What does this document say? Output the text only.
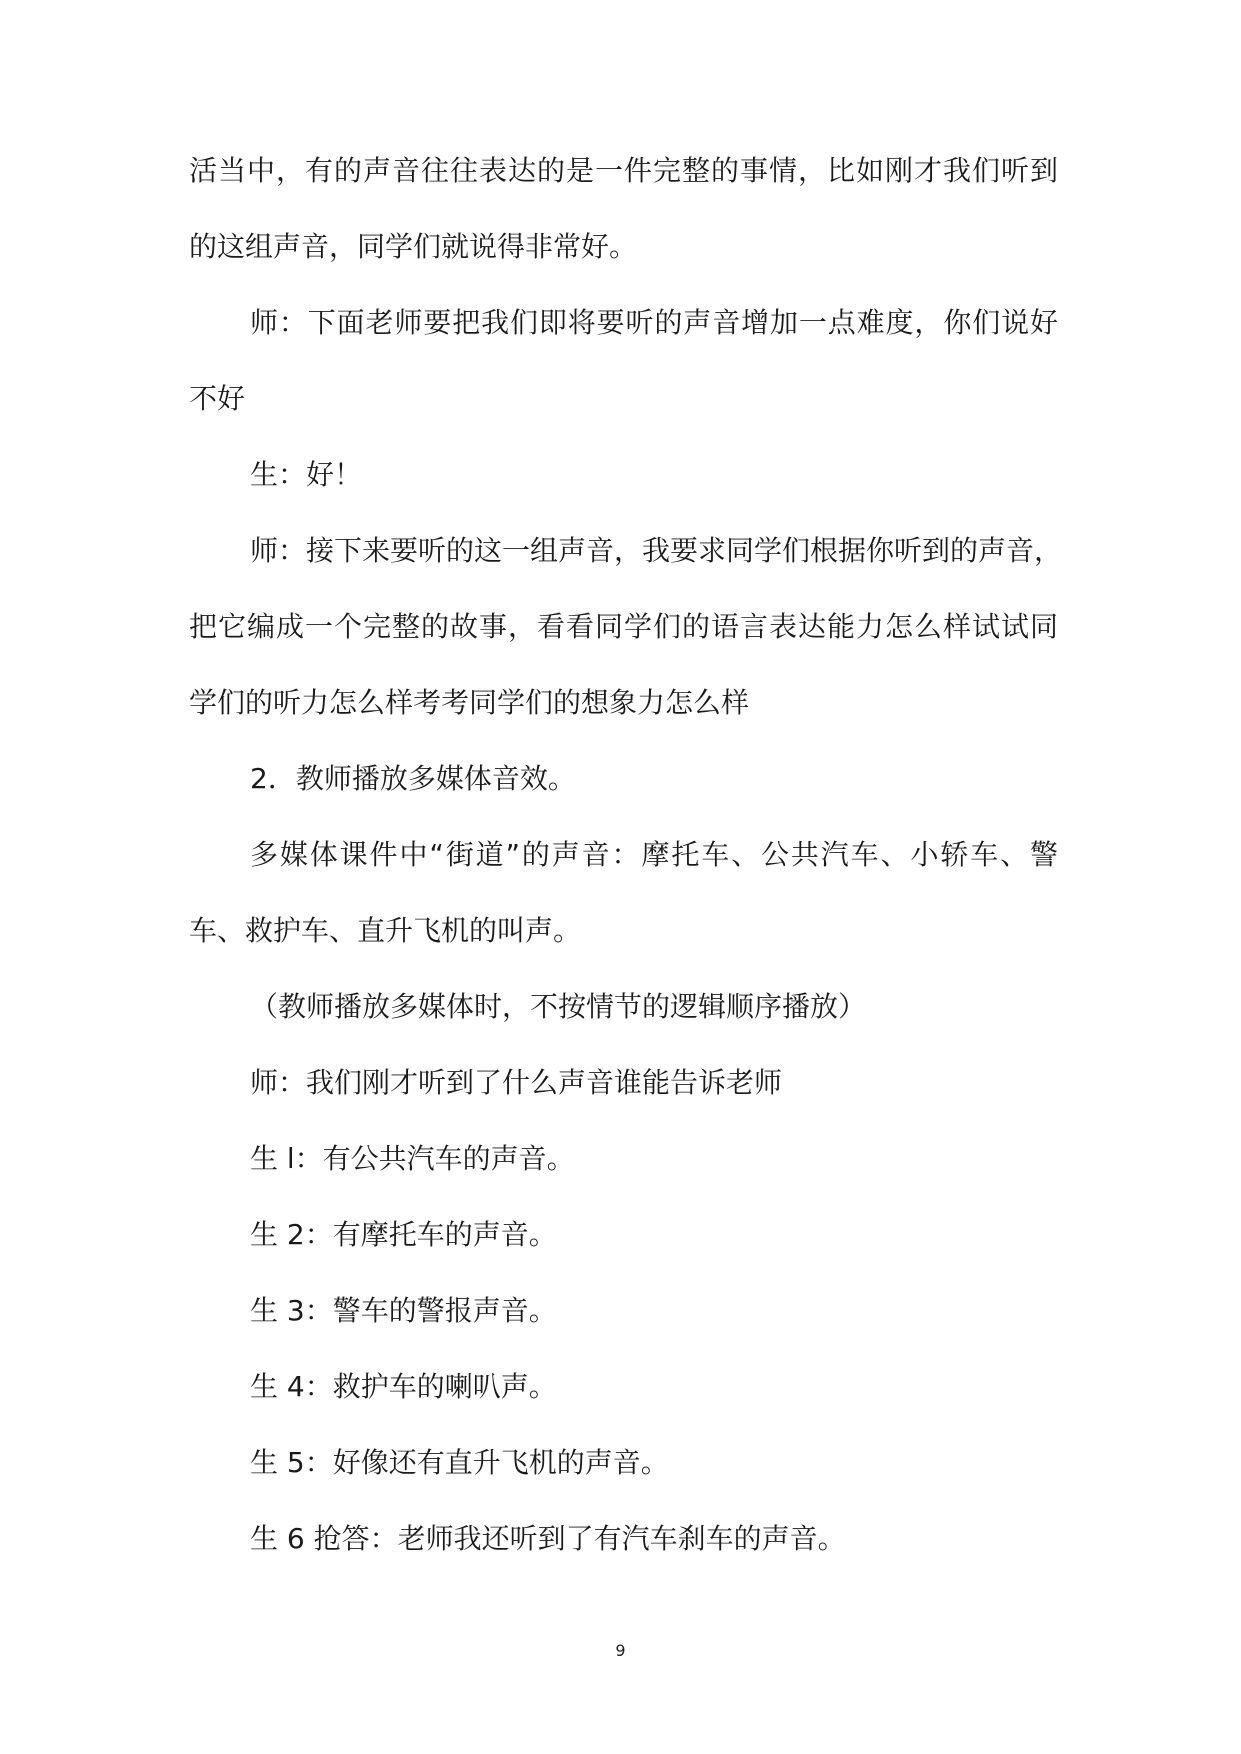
活当中，有的声音往往表达的是一件完整的事情，比如刚才我们听到
的这组声音，同学们就说得非常好。
师：下面老师要把我们即将要听的声音增加一点难度，你们说好
不好
生：好！
师：接下来要听的这一组声音，我要求同学们根据你听到的声音，
把它编成一个完整的故事，看看同学们的语言表达能力怎么样试试同
学们的听力怎么样考考同学们的想象力怎么样
2．教师播放多媒体音效。
多媒体课件中“街道”的声音：摩托车、公共汽车、小轿车、警
车、救护车、直升飞机的叫声。
（教师播放多媒体时，不按情节的逻辑顺序播放）
师：我们刚才听到了什么声音谁能告诉老师
生 l：有公共汽车的声音。
生 2：有摩托车的声音。
生 3：警车的警报声音。
生 4：救护车的喇叭声。
生 5：好像还有直升飞机的声音。
生 6 抢答：老师我还听到了有汽车刹车的声音。
9
